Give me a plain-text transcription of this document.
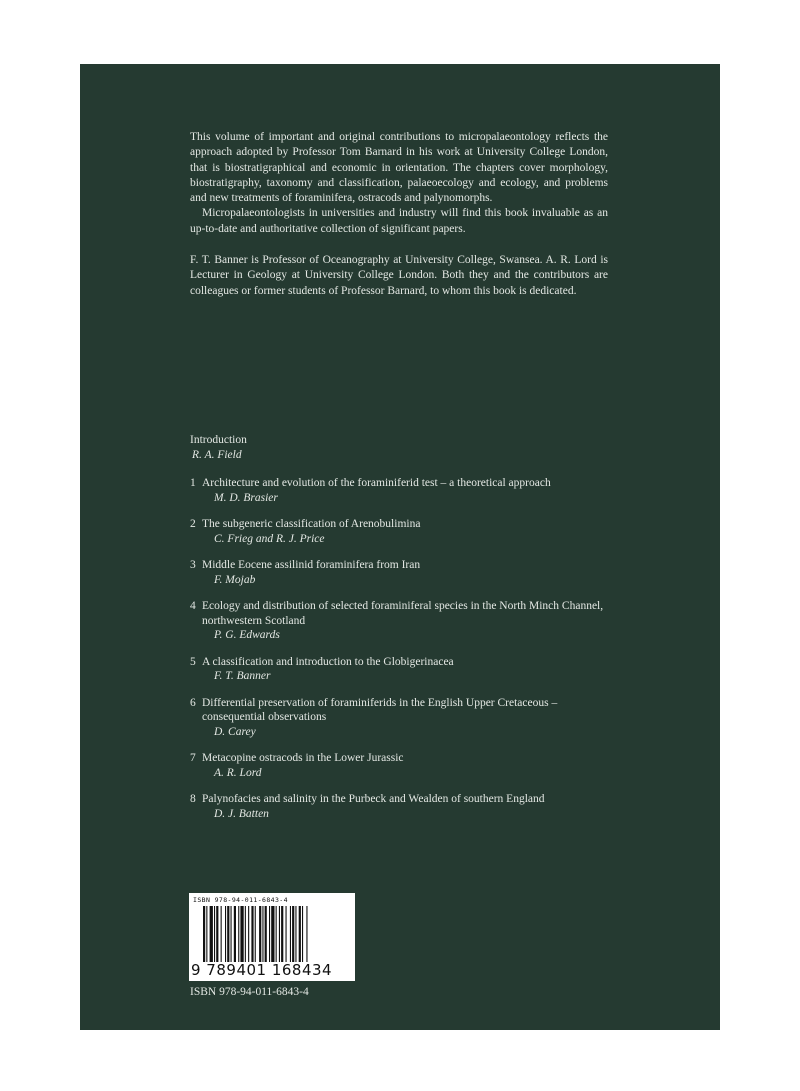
This volume of important and original contributions to micropalaeontology reflects the approach adopted by Professor Tom Barnard in his work at University College London, that is biostratigraphical and economic in orientation. The chapters cover morphology, biostratigraphy, taxonomy and classification, palaeoecology and ecology, and problems and new treatments of foraminifera, ostracods and palynomorphs.

Micropalaeontologists in universities and industry will find this book invaluable as an up-to-date and authoritative collection of significant papers.

F. T. Banner is Professor of Oceanography at University College, Swansea. A. R. Lord is Lecturer in Geology at University College London. Both they and the contributors are colleagues or former students of Professor Barnard, to whom this book is dedicated.

Introduction
R. A. Field
1 Architecture and evolution of the foraminiferid test – a theoretical approach
M. D. Brasier
2 The subgeneric classification of Arenobulimina
C. Frieg and R. J. Price
3 Middle Eocene assilinid foraminifera from Iran
F. Mojab
4 Ecology and distribution of selected foraminiferal species in the North Minch Channel, northwestern Scotland
P. G. Edwards
5 A classification and introduction to the Globigerinacea
F. T. Banner
6 Differential preservation of foraminiferids in the English Upper Cretaceous – consequential observations
D. Carey
7 Metacopine ostracods in the Lower Jurassic
A. R. Lord
8 Palynofacies and salinity in the Purbeck and Wealden of southern England
D. J. Batten
ISBN 978-94-011-6843-4
9 789401 168434
ISBN 978-94-011-6843-4
